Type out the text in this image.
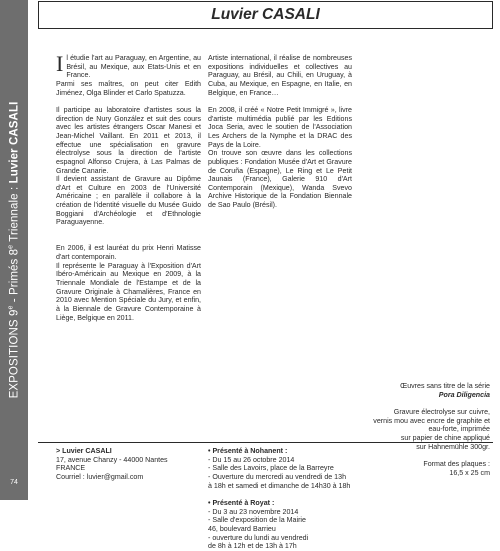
EXPOSITIONS 9e - Primés 8e Triennale : Luvier CASALI
74
Luvier CASALI

Il étudie l'art au Paraguay, en Argentine, au Brésil, au Mexique, aux Etats-Unis et en France.

Parmi ses maîtres, on peut citer Edith Jiménez, Olga Blinder et Carlo Spatuzza.

Il participe au laboratoire d'artistes sous la direction de Nury González et suit des cours avec les artistes étrangers Oscar Manesi et Jean-Michel Vaillant. En 2011 et 2013, il effectue une spécialisation en gravure électrolyse sous la direction de l'artiste espagnol Alfonso Crujera, à Las Palmas de Grande Canarie.

Il devient assistant de Gravure au Dipôme d'Art et Culture en 2003 de l'Université Américaine ; en parallèle il collabore à la création de l'identité visuelle du Musée Guido Boggiani d'Archéologie et d'Ethnologie Paraguayenne.

En 2006, il est lauréat du prix Henri Matisse d'art contemporain.

Il représente le Paraguay à l'Exposition d'Art Ibéro-Américain au Mexique en 2009, à la Triennale Mondiale de l'Estampe et de la Gravure Originale à Chamalières, France en 2010 avec Mention Spéciale du Jury, et enfin, à la Biennale de Gravure Contemporaine à Liège, Belgique en 2011.

Artiste international, il réalise de nombreuses expositions individuelles et collectives au Paraguay, au Brésil, au Chili, en Uruguay, à Cuba, au Mexique, en Espagne, en Italie, en Belgique, en France…

En 2008, il créé « Notre Petit Immigré », livre d'artiste multimédia publié par les Editions Joca Seria, avec le soutien de l'Association Les Archers de la Nymphe et la DRAC des Pays de la Loire.

On trouve son œuvre dans les collections publiques : Fondation Musée d'Art et Gravure de Coruña (Espagne), Le Ring et Le Petit Jaunais (France), Galerie 910 d'Art Contemporain (Mexique), Wanda Svevo Archive Historique de la Fondation Biennale de Sao Paulo (Brésil).

Œuvres sans titre de la série

Pora Diligencia

Gravure électrolyse sur cuivre,

vernis mou avec encre de graphite et eau-forte, imprimée

sur papier de chine appliqué

sur Hahnemühle 300gr.

Format des plaques :

16,5 x 25 cm

> Luvier CASALI

17, avenue Chanzy - 44000 Nantes

FRANCE

Courriel : luvier@gmail.com

• Présenté à Nohanent :

- Du 15 au 26 octobre 2014

- Salle des Lavoirs, place de la Barreyre

- Ouverture du mercredi au vendredi de 13h

à 18h et samedi et dimanche de 14h30 à 18h

• Présenté à Royat :

- Du 3 au 23 novembre 2014

- Salle d'exposition de la Mairie

46, boulevard Barrieu

- ouverture du lundi au vendredi

de 8h à 12h et de 13h à 17h
